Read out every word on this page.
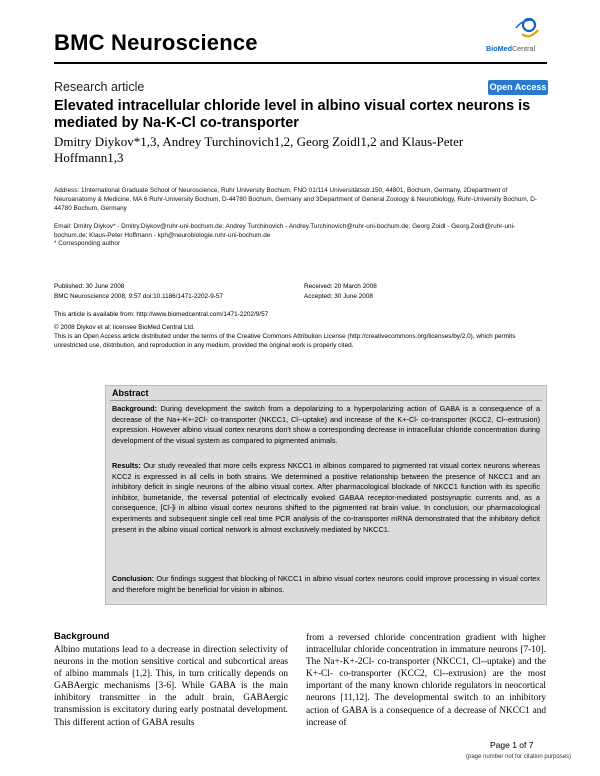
BMC Neuroscience	BioMedCentral
Research article	Open Access
Elevated intracellular chloride level in albino visual cortex neurons is mediated by Na-K-Cl co-transporter
Dmitry Diykov*1,3, Andrey Turchinovich1,2, Georg Zoidl1,2 and Klaus-Peter Hoffmann1,3
Address: 1International Graduate School of Neuroscience, Ruhr University Bochum, FNO 01/114 Universitätsstr.150, 44801, Bochum, Germany, 2Department of Neuroanatomy & Medicine, MA 6 Ruhr-University Bochum, D-44780 Bochum, Germany and 3Department of General Zoology & Neurobiology, Ruhr-University Bochum, D-44780 Bochum, Germany
Email: Dmitry Diykov* - Dmitry.Diykov@ruhr-uni-bochum.de; Andrey Turchinovich - Andrey.Turchinovich@ruhr-uni-bochum.de; Georg Zoidl - Georg.Zoidl@ruhr-uni-bochum.de; Klaus-Peter Hoffmann - kph@neurobiologie.ruhr-uni-bochum.de
* Corresponding author
Published: 30 June 2008
BMC Neuroscience 2008, 9:57 doi:10.1186/1471-2202-9-57
Received: 20 March 2008
Accepted: 30 June 2008
This article is available from: http://www.biomedcentral.com/1471-2202/9/57
© 2008 Diykov et al; licensee BioMed Central Ltd.
This is an Open Access article distributed under the terms of the Creative Commons Attribution License (http://creativecommons.org/licenses/by/2.0), which permits unrestricted use, distribution, and reproduction in any medium, provided the original work is properly cited.
Abstract
Background: During development the switch from a depolarizing to a hyperpolarizing action of GABA is a consequence of a decrease of the Na+-K+-2Cl- co-transporter (NKCC1, Cl--uptake) and increase of the K+-Cl- co-transporter (KCC2, Cl--extrusion) expression. However albino visual cortex neurons don't show a corresponding decrease in intracellular chloride concentration during development of the visual system as compared to pigmented animals.
Results: Our study revealed that more cells express NKCC1 in albinos compared to pigmented rat visual cortex neurons whereas KCC2 is expressed in all cells in both strains. We determined a positive relationship between the presence of NKCC1 and an inhibitory deficit in single neurons of the albino visual cortex. After pharmacological blockade of NKCC1 function with its specific inhibitor, bumetanide, the reversal potential of electrically evoked GABAA receptor-mediated postsynaptic currents and, as a consequence, [Cl-]i in albino visual cortex neurons shifted to the pigmented rat brain value. In conclusion, our pharmacological experiments and subsequent single cell real time PCR analysis of the co-transporter mRNA demonstrated that the inhibitory deficit present in the albino visual cortical network is almost exclusively mediated by NKCC1.
Conclusion: Our findings suggest that blocking of NKCC1 in albino visual cortex neurons could improve processing in visual cortex and therefore might be beneficial for vision in albinos.
Background
Albino mutations lead to a decrease in direction selectivity of neurons in the motion sensitive cortical and subcortical areas of albino mammals [1,2]. This, in turn critically depends on GABAergic mechanisms [3-6]. While GABA is the main inhibitory transmitter in the adult brain, GABAergic transmission is excitatory during early postnatal development. This different action of GABA results
from a reversed chloride concentration gradient with higher intracellular chloride concentration in immature neurons [7-10]. The Na+-K+-2Cl- co-transporter (NKCC1, Cl--uptake) and the K+-Cl- co-transporter (KCC2, Cl--extrusion) are the most important of the many known chloride regulators in neocortical neurons [11,12]. The developmental switch to an inhibitory action of GABA is a consequence of a decrease of NKCC1 and increase of
Page 1 of 7
(page number not for citation purposes)
